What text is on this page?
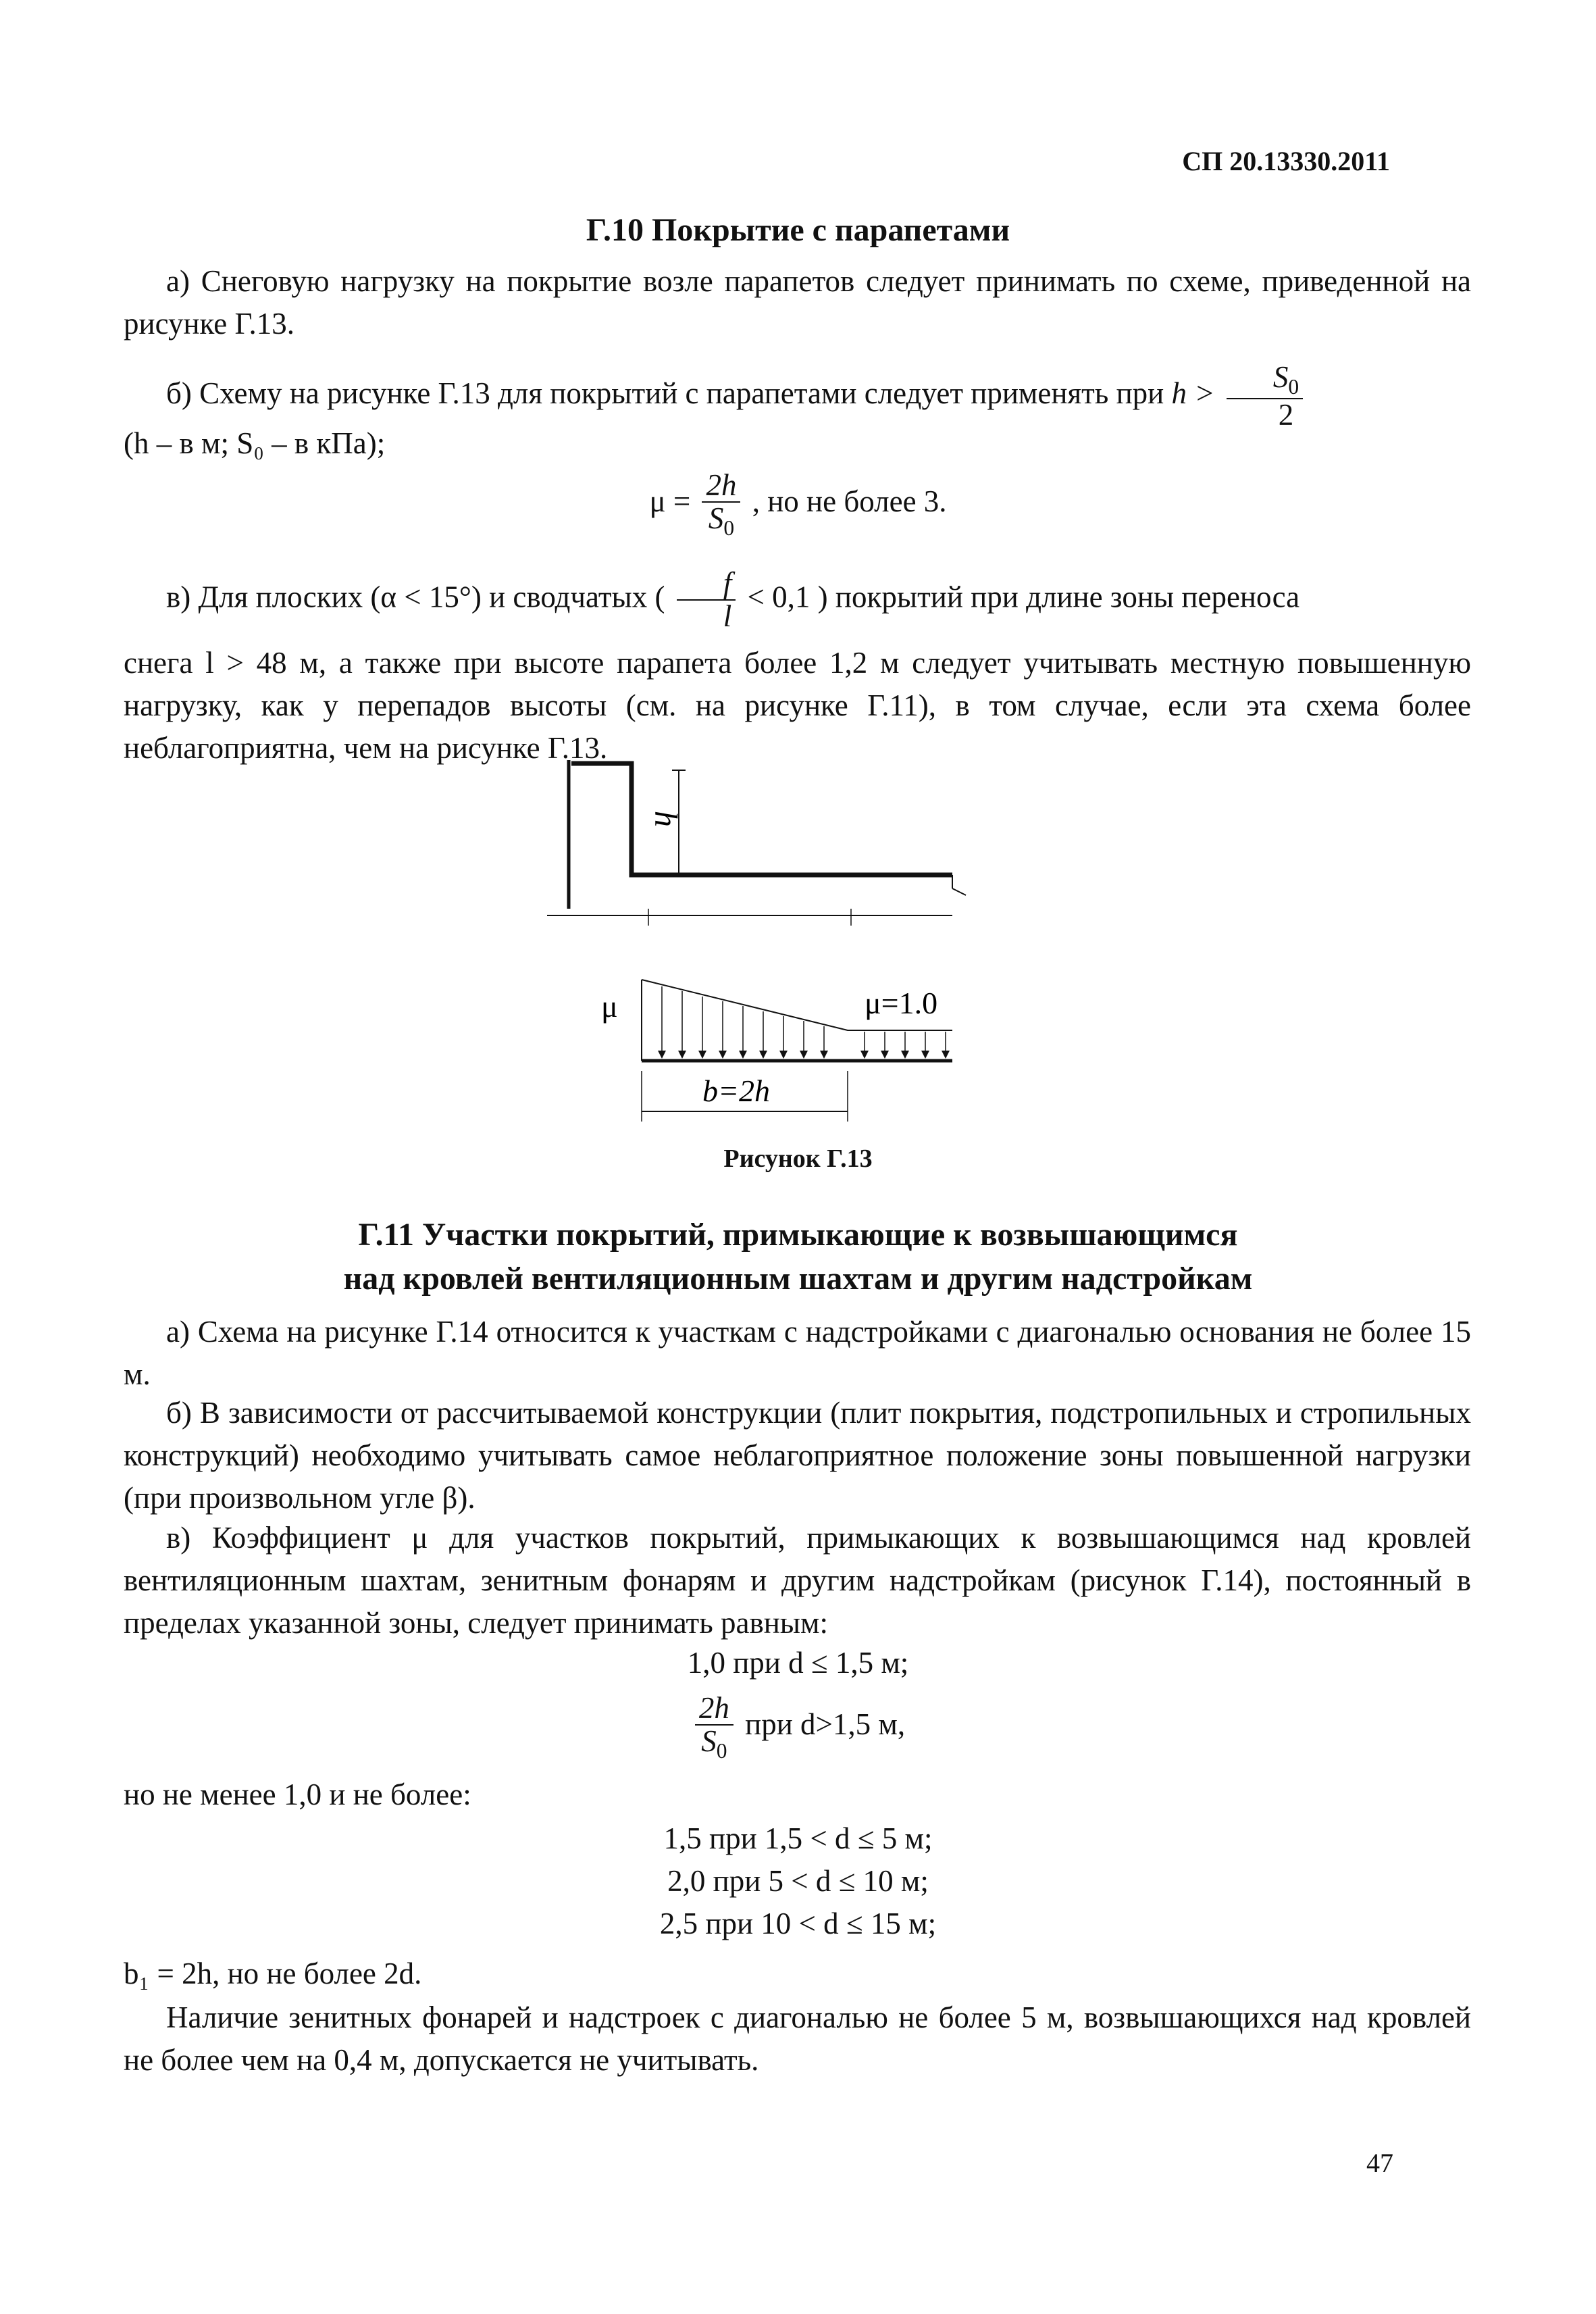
СП 20.13330.2011
Г.10 Покрытие с парапетами
а) Снеговую нагрузку на покрытие возле парапетов следует принимать по схеме, приведенной на рисунке Г.13.
б) Схему на рисунке Г.13 для покрытий с парапетами следует применять при $h > \frac{S_0}{2}$
(h – в м; S₀ – в кПа);
$\mu = \frac{2h}{S_0}$ , но не более 3.
в) Для плоских (α < 15°) и сводчатых ( $\frac{f}{l} < 0,1$ ) покрытий при длине зоны переноса
снега l > 48 м, а также при высоте парапета более 1,2 м следует учитывать местную повышенную нагрузку, как у перепадов высоты (см. на рисунке Г.11), в том случае, если эта схема более неблагоприятна, чем на рисунке Г.13.
h
μ	μ=1.0
b=2h
Рисунок Г.13
Г.11 Участки покрытий, примыкающие к возвышающимся
над кровлей вентиляционным шахтам и другим надстройкам
а) Схема на рисунке Г.14 относится к участкам с надстройками с диагональю основания не более 15 м.
б) В зависимости от рассчитываемой конструкции (плит покрытия, подстропильных и стропильных конструкций) необходимо учитывать самое неблагоприятное положение зоны повышенной нагрузки (при произвольном угле β).
в) Коэффициент μ для участков покрытий, примыкающих к возвышающимся над кровлей вентиляционным шахтам, зенитным фонарям и другим надстройкам (рисунок Г.14), постоянный в пределах указанной зоны, следует принимать равным:
1,0 при d ≤ 1,5 м;
$\frac{2h}{S_0}$ при d>1,5 м,
но не менее 1,0 и не более:
1,5 при 1,5 < d ≤ 5 м;
2,0 при 5 < d ≤ 10 м;
2,5 при 10 < d ≤ 15 м;
b₁ = 2h, но не более 2d.
Наличие зенитных фонарей и надстроек с диагональю не более 5 м, возвышающихся над кровлей не более чем на 0,4 м, допускается не учитывать.
47
